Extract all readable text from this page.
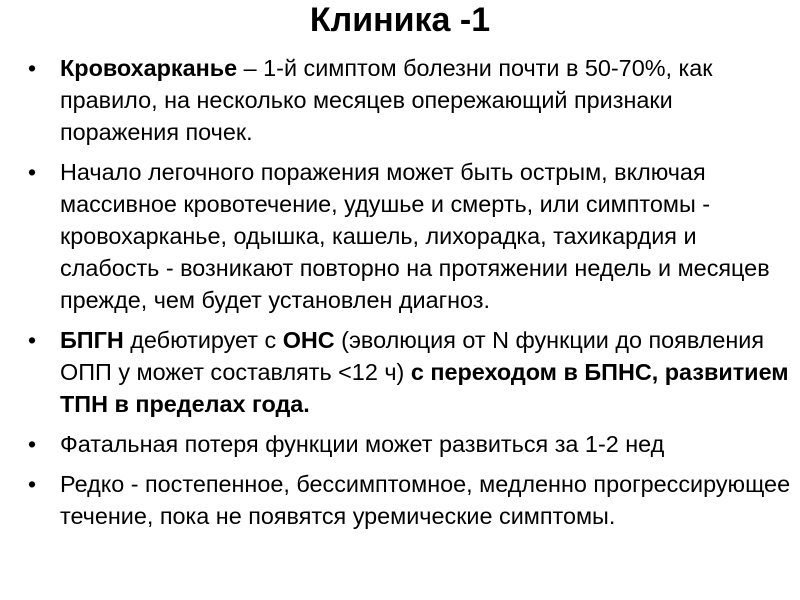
Клиника -1
•	Кровохарканье – 1-й симптом болезни почти в 50-70%, как правило, на несколько месяцев опережающий признаки поражения почек.
•	Начало легочного поражения может быть острым, включая массивное кровотечение, удушье и смерть, или симптомы - кровохарканье, одышка, кашель, лихорадка, тахикардия и слабость - возникают повторно на протяжении недель и месяцев прежде, чем будет установлен диагноз.
•	БПГН дебютирует с ОНС (эволюция от N функции до появления ОПП у может составлять <12 ч) с переходом в БПНС, развитием ТПН в пределах года.
•	Фатальная потеря функции может развиться за 1-2 нед
•	Редко - постепенное, бессимптомное, медленно прогрессирующее течение, пока не появятся уремические симптомы.
